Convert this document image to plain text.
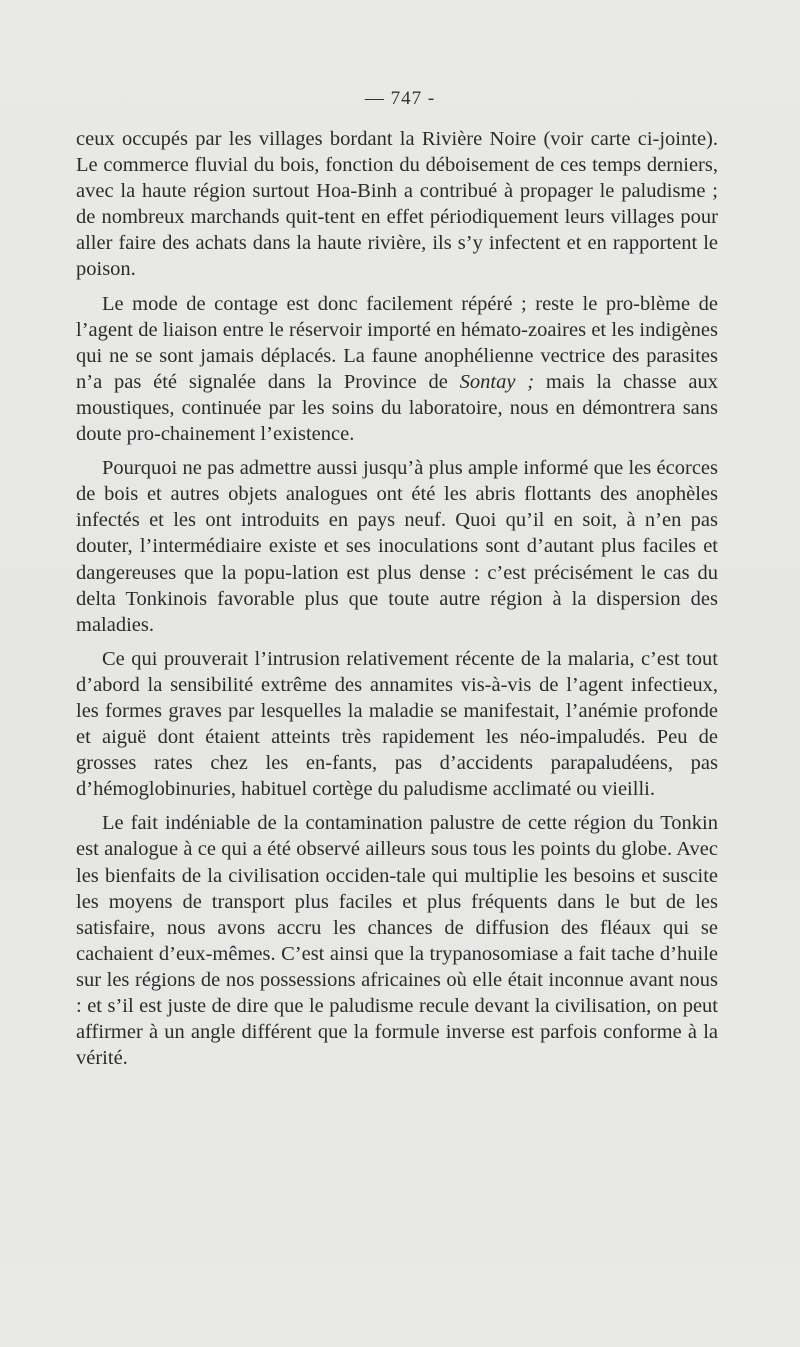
— 747 -

ceux occupés par les villages bordant la Rivière Noire (voir carte ci-jointe). Le commerce fluvial du bois, fonction du déboisement de ces temps derniers, avec la haute région surtout Hoa-Binh a contribué à propager le paludisme ; de nombreux marchands quit-tent en effet périodiquement leurs villages pour aller faire des achats dans la haute rivière, ils s’y infectent et en rapportent le poison.

Le mode de contage est donc facilement répéré ; reste le pro-blème de l’agent de liaison entre le réservoir importé en hémato-zoaires et les indigènes qui ne se sont jamais déplacés. La faune anophélienne vectrice des parasites n’a pas été signalée dans la Province de Sontay ; mais la chasse aux moustiques, continuée par les soins du laboratoire, nous en démontrera sans doute pro-chainement l’existence.

Pourquoi ne pas admettre aussi jusqu’à plus ample informé que les écorces de bois et autres objets analogues ont été les abris flottants des anophèles infectés et les ont introduits en pays neuf. Quoi qu’il en soit, à n’en pas douter, l’intermédiaire existe et ses inoculations sont d’autant plus faciles et dangereuses que la popu-lation est plus dense : c’est précisément le cas du delta Tonkinois favorable plus que toute autre région à la dispersion des maladies.

Ce qui prouverait l’intrusion relativement récente de la malaria, c’est tout d’abord la sensibilité extrême des annamites vis-à-vis de l’agent infectieux, les formes graves par lesquelles la maladie se manifestait, l’anémie profonde et aiguë dont étaient atteints très rapidement les néo-impaludés. Peu de grosses rates chez les en-fants, pas d’accidents parapaludéens, pas d’hémoglobinuries, habituel cortège du paludisme acclimaté ou vieilli.

Le fait indéniable de la contamination palustre de cette région du Tonkin est analogue à ce qui a été observé ailleurs sous tous les points du globe. Avec les bienfaits de la civilisation occiden-tale qui multiplie les besoins et suscite les moyens de transport plus faciles et plus fréquents dans le but de les satisfaire, nous avons accru les chances de diffusion des fléaux qui se cachaient d’eux-mêmes. C’est ainsi que la trypanosomiase a fait tache d’huile sur les régions de nos possessions africaines où elle était inconnue avant nous : et s’il est juste de dire que le paludisme recule devant la civilisation, on peut affirmer à un angle différent que la formule inverse est parfois conforme à la vérité.
